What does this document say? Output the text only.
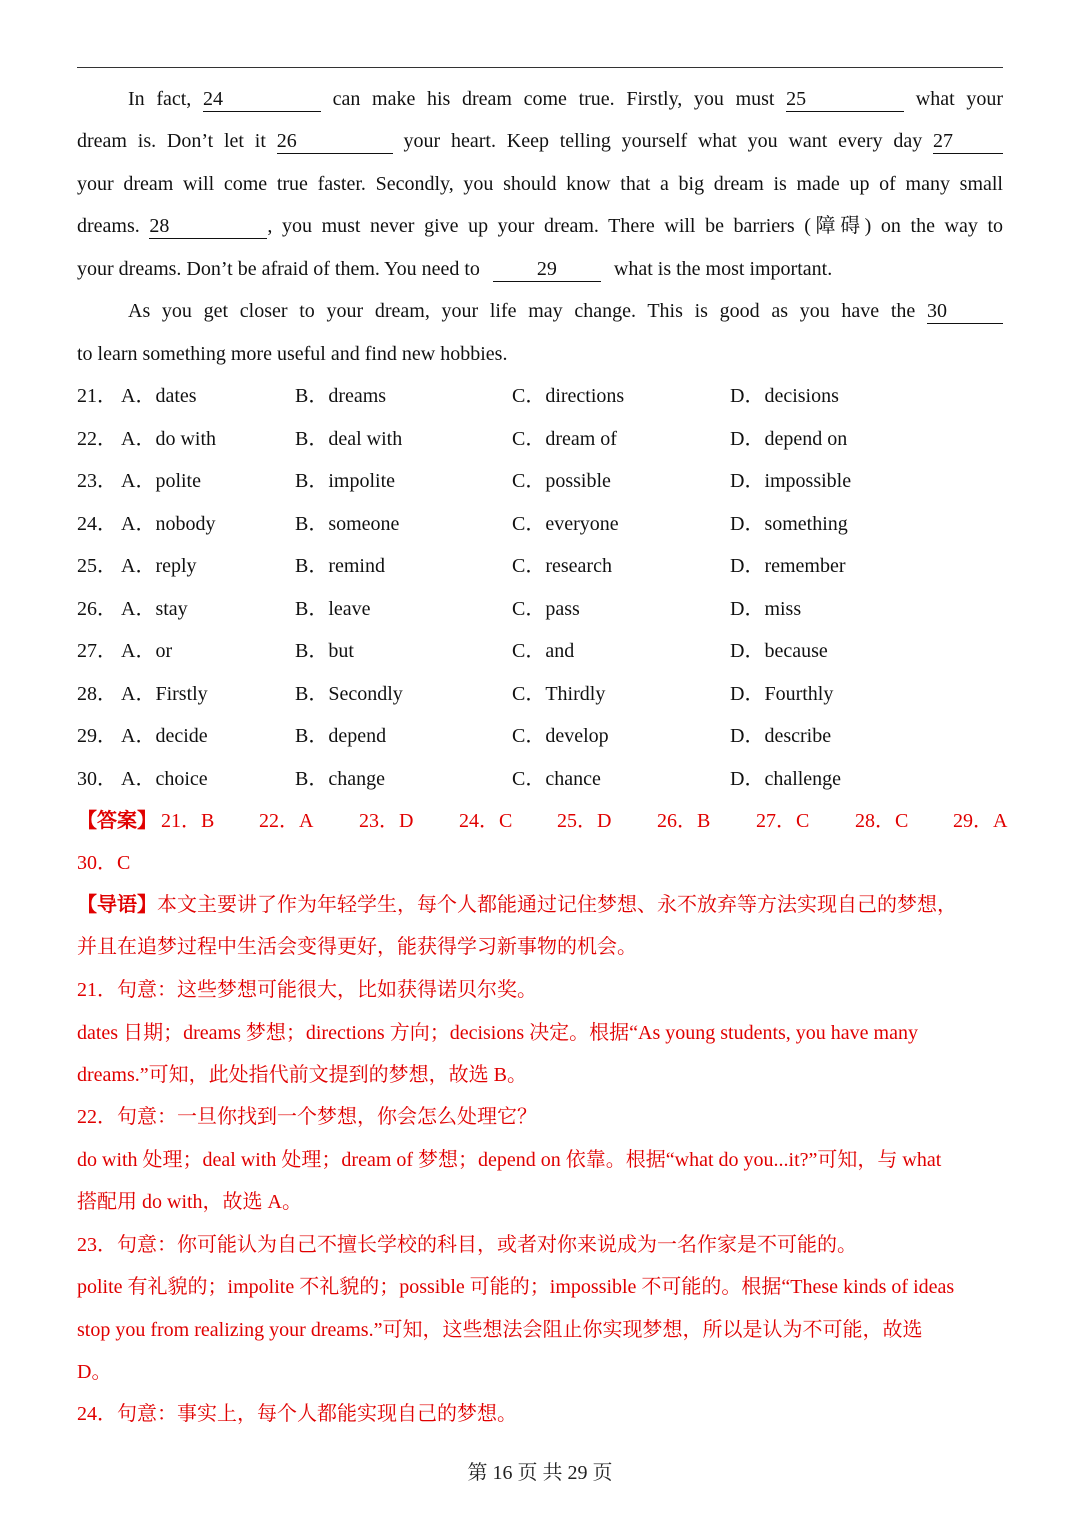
In fact, 24	can make his dream come true. Firstly, you must 25	what your
dream is. Don’t let it 26	your heart. Keep telling yourself what you want every day 27
your dream will come true faster. Secondly, you should know that a big dream is made up of many small
dreams. 28	, you must never give up your dream. There will be barriers (障碍) on the way to
your dreams. Don’t be afraid of them. You need to	29	what is the most important.
As you get closer to your dream, your life may change. This is good as you have the 30
to learn something more useful and find new hobbies.
21． A．dates	B．dreams	C．directions	D．decisions
22． A．do with	B．deal with	C．dream of	D．depend on
23． A．polite	B．impolite	C．possible	D．impossible
24． A．nobody	B．someone	C．everyone	D．something
25． A．reply	B．remind	C．research	D．remember
26． A．stay	B．leave	C．pass	D．miss
27． A．or	B．but	C．and	D．because
28． A．Firstly	B．Secondly	C．Thirdly	D．Fourthly
29． A．decide	B．depend	C．develop	D．describe
30． A．choice	B．change	C．chance	D．challenge
【答案】 21．B 22．A 23．D 24．C 25．D 26．B 27．C 28．C 29．A
30．C
【导语】本文主要讲了作为年轻学生，每个人都能通过记住梦想、永不放弃等方法实现自己的梦想，
并且在追梦过程中生活会变得更好，能获得学习新事物的机会。
21．句意：这些梦想可能很大，比如获得诺贝尔奖。
dates 日期；dreams 梦想；directions 方向；decisions 决定。根据“As young students, you have many
dreams.”可知，此处指代前文提到的梦想，故选 B。
22．句意：一旦你找到一个梦想，你会怎么处理它？
do with 处理；deal with 处理；dream of 梦想；depend on 依靠。根据“what do you...it?”可知，与 what
搭配用 do with，故选 A。
23．句意：你可能认为自己不擅长学校的科目，或者对你来说成为一名作家是不可能的。
polite 有礼貌的；impolite 不礼貌的；possible 可能的；impossible 不可能的。根据“These kinds of ideas
stop you from realizing your dreams.”可知，这些想法会阻止你实现梦想，所以是认为不可能，故选
D。
24．句意：事实上，每个人都能实现自己的梦想。
第 16 页 共 29 页
